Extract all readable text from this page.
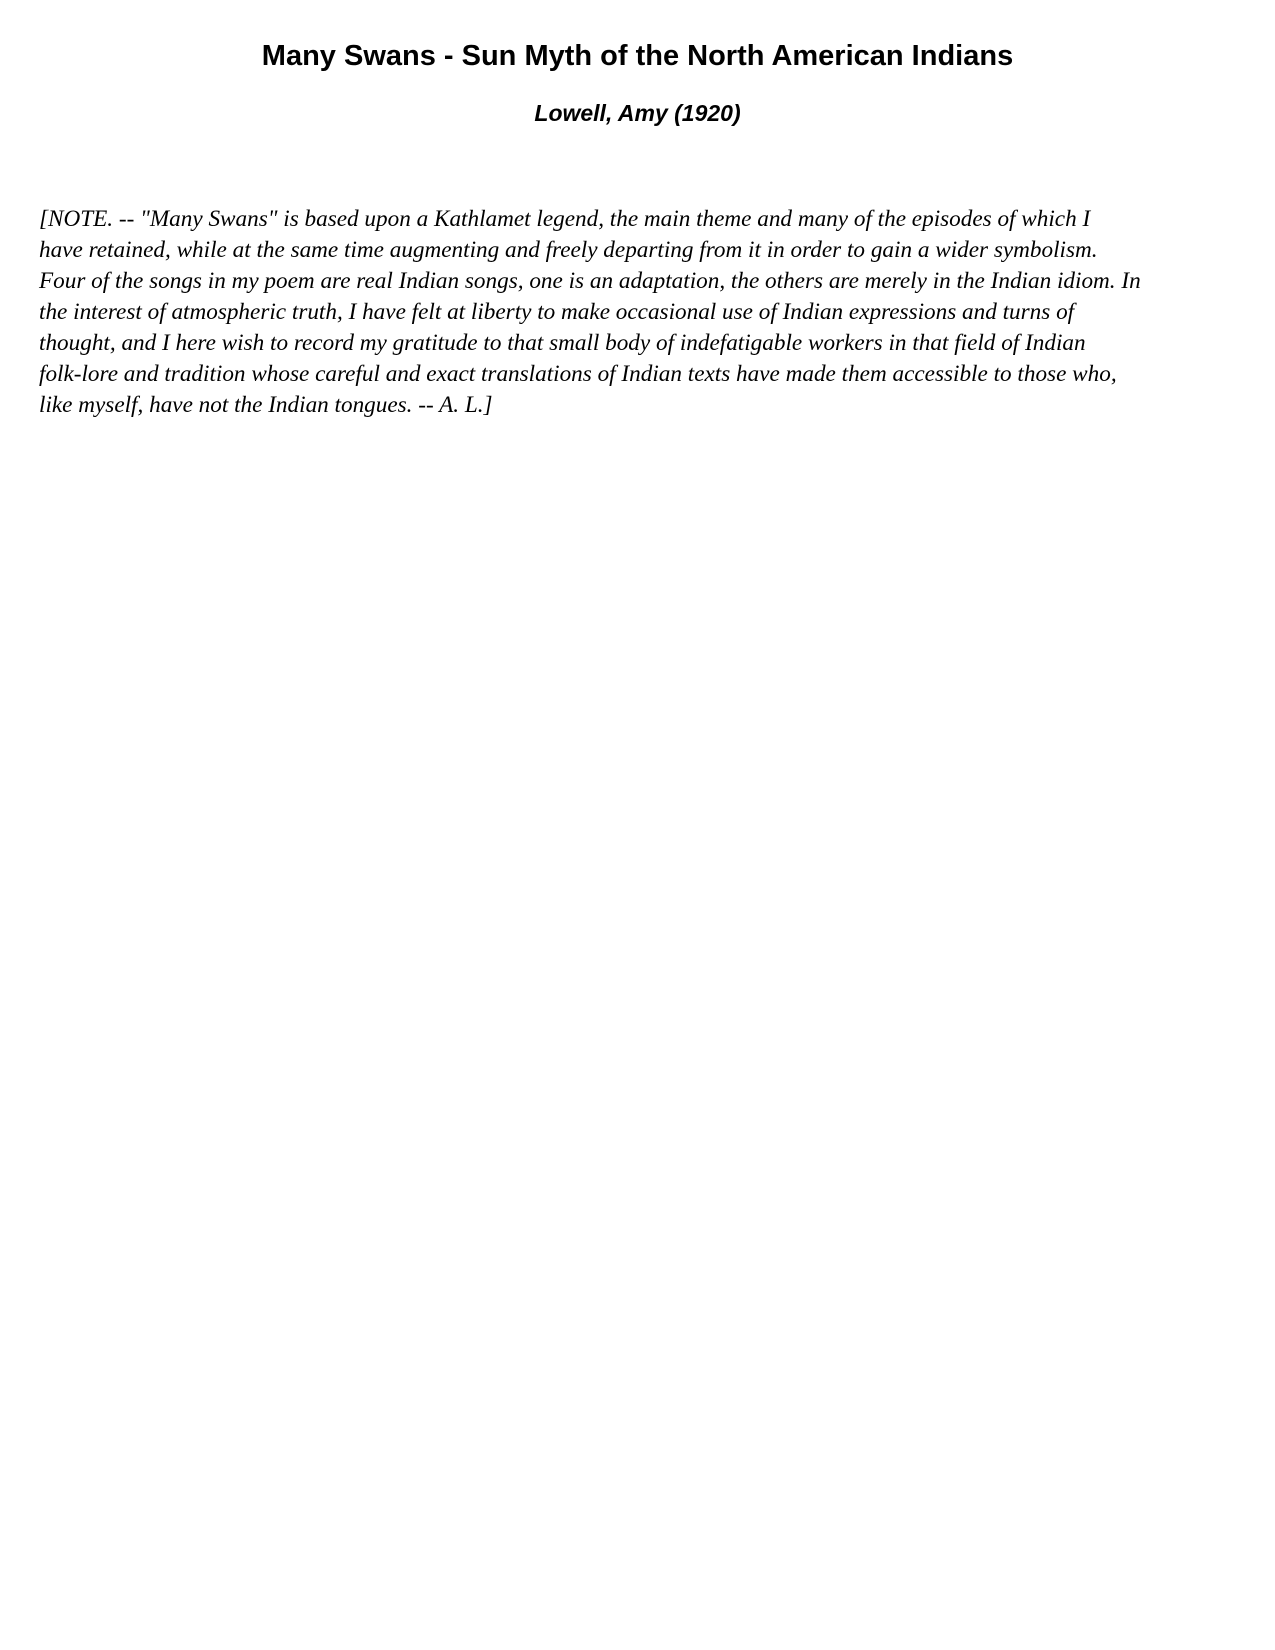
Many Swans - Sun Myth of the North American Indians
Lowell, Amy (1920)

[NOTE. -- "Many Swans" is based upon a Kathlamet legend, the main theme and many of the episodes of which I
have retained, while at the same time augmenting and freely departing from it in order to gain a wider symbolism.
Four of the songs in my poem are real Indian songs, one is an adaptation, the others are merely in the Indian idiom. In
the interest of atmospheric truth, I have felt at liberty to make occasional use of Indian expressions and turns of
thought, and I here wish to record my gratitude to that small body of indefatigable workers in that field of Indian
folk-lore and tradition whose careful and exact translations of Indian texts have made them accessible to those who,
like myself, have not the Indian tongues. -- A. L.]
